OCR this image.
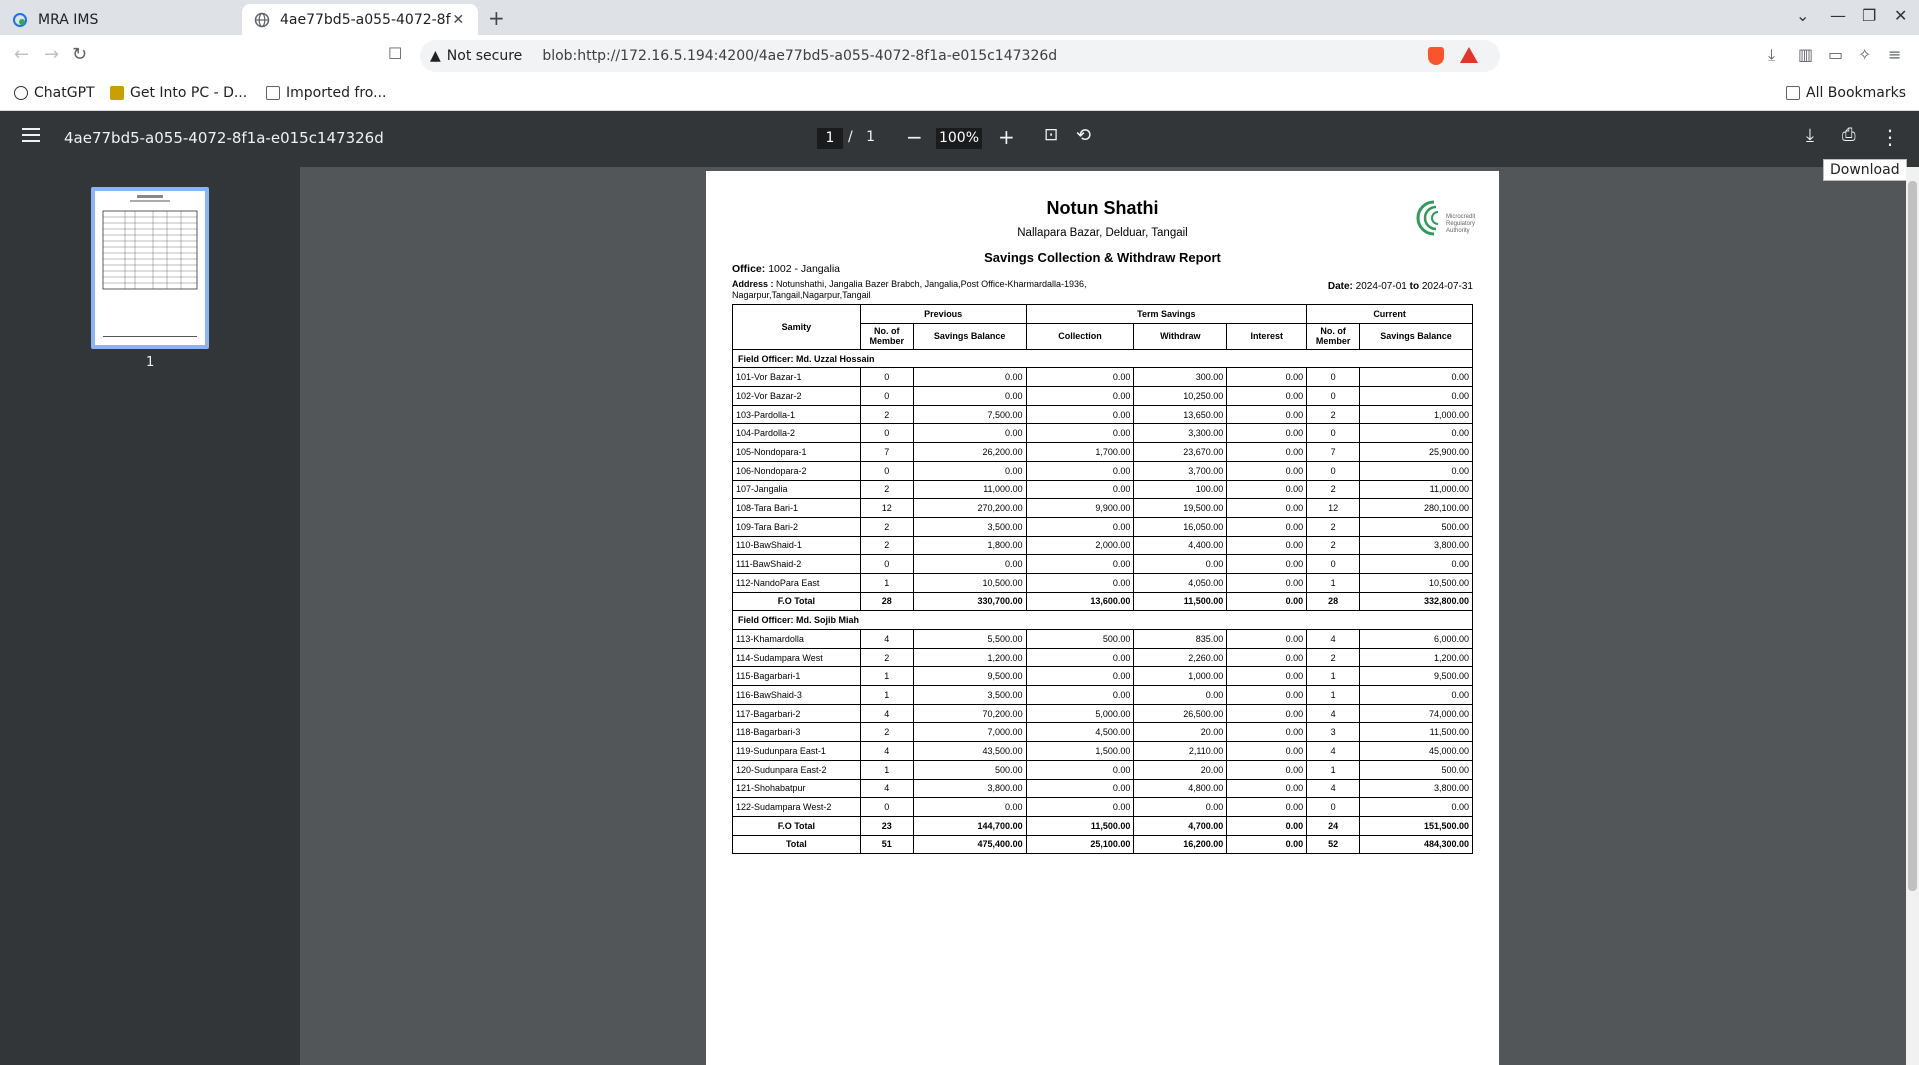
MRA IMS	4ae77bd5-a055-4072-8f ✕ +	⌄ — ❐ ✕
← → ↻	☐ ▲ Not secure blob:http://172.16.5.194:4200/4ae77bd5-a055-4072-8f1a-e015c147326d	⤓ ▥ ▭ ✧ ≡
ChatGPT	Get Into PC - D...	Imported fro...	All Bookmarks
4ae77bd5-a055-4072-8f1a-e015c147326d	1 / 1 − 100% + ⊡ ⟲	⤓ ⎙ ⋮
Download
1
Notun Shathi
Nallapara Bazar, Delduar, Tangail
Savings Collection & Withdraw Report
Microcredit
Regulatory
Authority
Office: 1002 - Jangalia
Address : Notunshathi, Jangalia Bazer Brabch, Jangalia,Post Office-Kharmardalla-1936, Nagarpur,Tangail,Nagarpur,Tangail
Date: 2024-07-01 to 2024-07-31
Samity	Previous		Term Savings			Current	
	No. of Member	Savings Balance	Collection	Withdraw	Interest	No. of Member	Savings Balance
Field Officer: Md. Uzzal Hossain							
101-Vor Bazar-1	0	0.00	0.00	300.00	0.00	0	0.00
102-Vor Bazar-2	0	0.00	0.00	10,250.00	0.00	0	0.00
103-Pardolla-1	2	7,500.00	0.00	13,650.00	0.00	2	1,000.00
104-Pardolla-2	0	0.00	0.00	3,300.00	0.00	0	0.00
105-Nondopara-1	7	26,200.00	1,700.00	23,670.00	0.00	7	25,900.00
106-Nondopara-2	0	0.00	0.00	3,700.00	0.00	0	0.00
107-Jangalia	2	11,000.00	0.00	100.00	0.00	2	11,000.00
108-Tara Bari-1	12	270,200.00	9,900.00	19,500.00	0.00	12	280,100.00
109-Tara Bari-2	2	3,500.00	0.00	16,050.00	0.00	2	500.00
110-BawShaid-1	2	1,800.00	2,000.00	4,400.00	0.00	2	3,800.00
111-BawShaid-2	0	0.00	0.00	0.00	0.00	0	0.00
112-NandoPara East	1	10,500.00	0.00	4,050.00	0.00	1	10,500.00
F.O Total	28	330,700.00	13,600.00	11,500.00	0.00	28	332,800.00
Field Officer: Md. Sojib Miah							
113-Khamardolla	4	5,500.00	500.00	835.00	0.00	4	6,000.00
114-Sudampara West	2	1,200.00	0.00	2,260.00	0.00	2	1,200.00
115-Bagarbari-1	1	9,500.00	0.00	1,000.00	0.00	1	9,500.00
116-BawShaid-3	1	3,500.00	0.00	0.00	0.00	1	0.00
117-Bagarbari-2	4	70,200.00	5,000.00	26,500.00	0.00	4	74,000.00
118-Bagarbari-3	2	7,000.00	4,500.00	20.00	0.00	3	11,500.00
119-Sudunpara East-1	4	43,500.00	1,500.00	2,110.00	0.00	4	45,000.00
120-Sudunpara East-2	1	500.00	0.00	20.00	0.00	1	500.00
121-Shohabatpur	4	3,800.00	0.00	4,800.00	0.00	4	3,800.00
122-Sudampara West-2	0	0.00	0.00	0.00	0.00	0	0.00
F.O Total	23	144,700.00	11,500.00	4,700.00	0.00	24	151,500.00
Total	51	475,400.00	25,100.00	16,200.00	0.00	52	484,300.00
